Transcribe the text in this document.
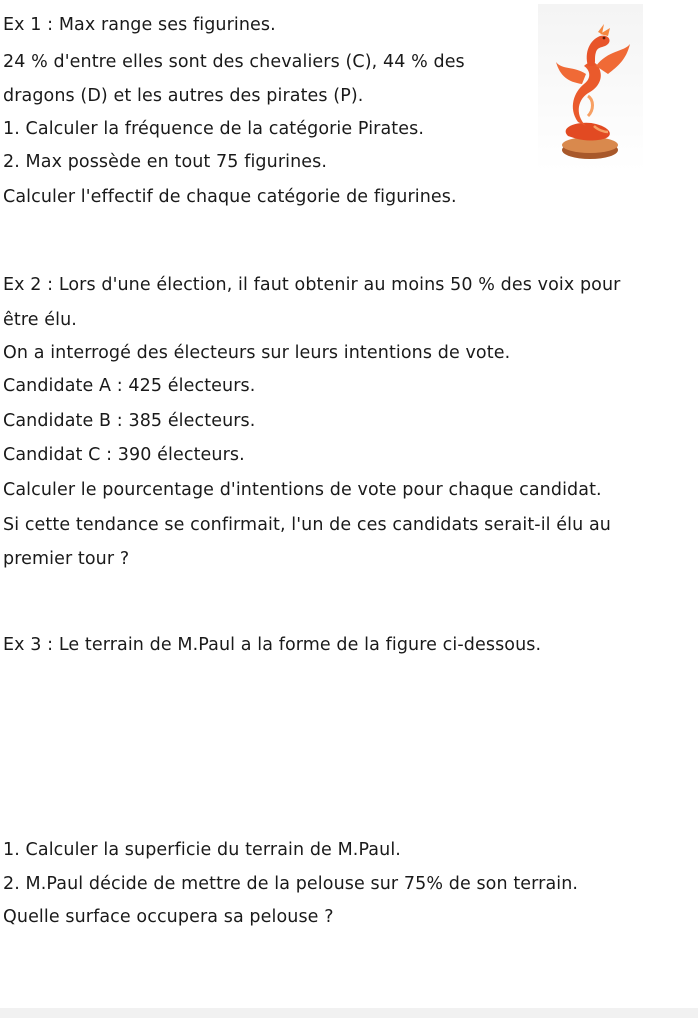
Ex 1 : Max range ses figurines.
24 % d'entre elles sont des chevaliers (C), 44 % des
dragons (D) et les autres des pirates (P).
1. Calculer la fréquence de la catégorie Pirates.
2. Max possède en tout 75 figurines.
Calculer l'effectif de chaque catégorie de figurines.
Ex 2 : Lors d'une élection, il faut obtenir au moins 50 % des voix pour
être élu.
On a interrogé des électeurs sur leurs intentions de vote.
Candidate A : 425 électeurs.
Candidate B : 385 électeurs.
Candidat C : 390 électeurs.
Calculer le pourcentage d'intentions de vote pour chaque candidat.
Si cette tendance se confirmait, l'un de ces candidats serait-il élu au
premier tour ?
Ex 3 : Le terrain de M.Paul a la forme de la figure ci-dessous.
1. Calculer la superficie du terrain de M.Paul.
2. M.Paul décide de mettre de la pelouse sur 75% de son terrain.
Quelle surface occupera sa pelouse ?
